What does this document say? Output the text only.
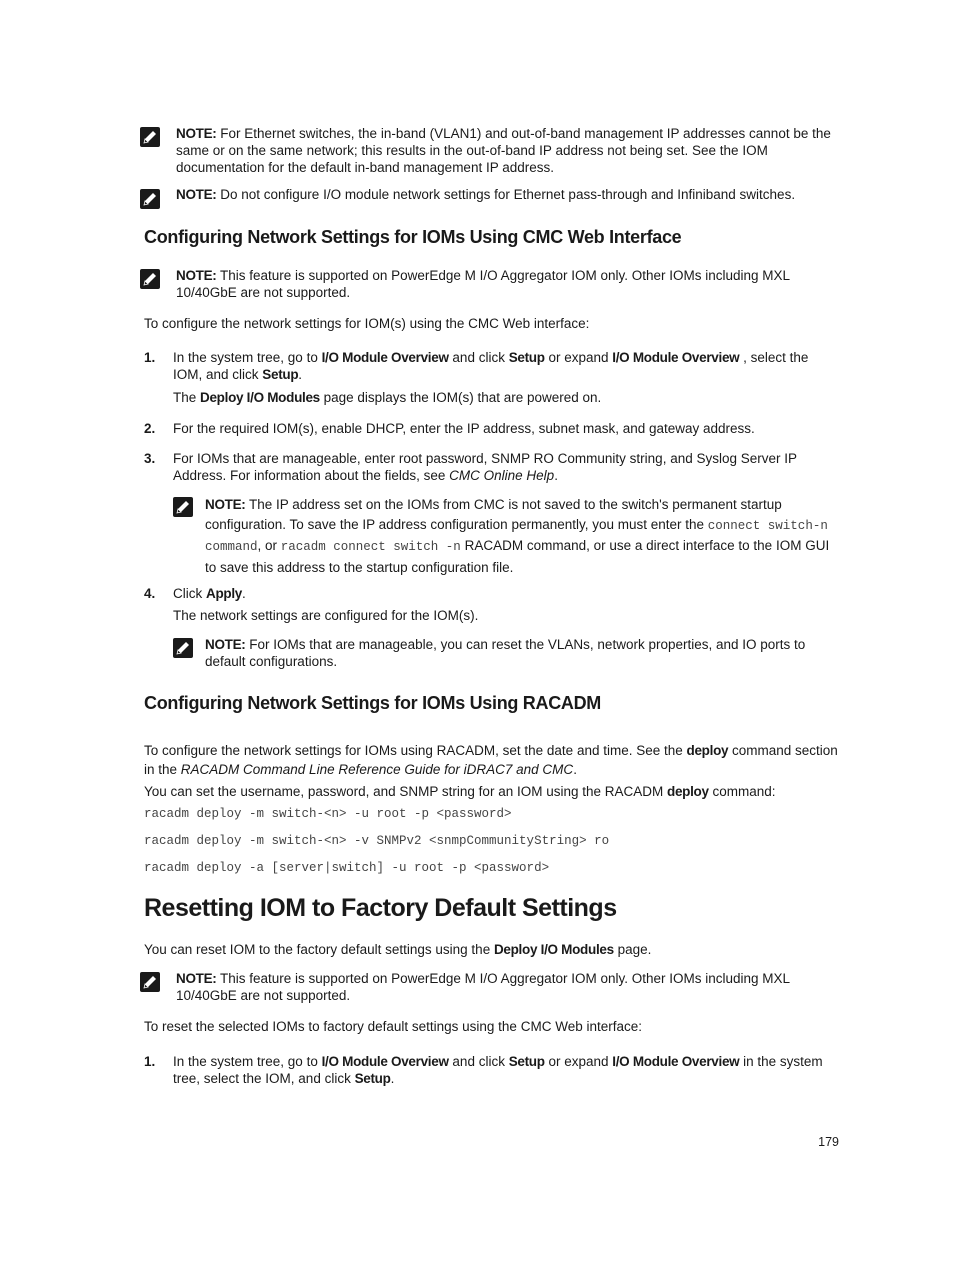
NOTE: For Ethernet switches, the in-band (VLAN1) and out-of-band management IP addresses cannot be the same or on the same network; this results in the out-of-band IP address not being set. See the IOM documentation for the default in-band management IP address.
NOTE: Do not configure I/O module network settings for Ethernet pass-through and Infiniband switches.
Configuring Network Settings for IOMs Using CMC Web Interface
NOTE: This feature is supported on PowerEdge M I/O Aggregator IOM only. Other IOMs including MXL 10/40GbE are not supported.
To configure the network settings for IOM(s) using the CMC Web interface:
1. In the system tree, go to I/O Module Overview and click Setup or expand I/O Module Overview , select the IOM, and click Setup.
The Deploy I/O Modules page displays the IOM(s) that are powered on.
2. For the required IOM(s), enable DHCP, enter the IP address, subnet mask, and gateway address.
3. For IOMs that are manageable, enter root password, SNMP RO Community string, and Syslog Server IP Address. For information about the fields, see CMC Online Help.
NOTE: The IP address set on the IOMs from CMC is not saved to the switch's permanent startup configuration. To save the IP address configuration permanently, you must enter the connect switch-n command, or racadm connect switch -n RACADM command, or use a direct interface to the IOM GUI to save this address to the startup configuration file.
4. Click Apply.
The network settings are configured for the IOM(s).
NOTE: For IOMs that are manageable, you can reset the VLANs, network properties, and IO ports to default configurations.
Configuring Network Settings for IOMs Using RACADM
To configure the network settings for IOMs using RACADM, set the date and time. See the deploy command section in the RACADM Command Line Reference Guide for iDRAC7 and CMC.
You can set the username, password, and SNMP string for an IOM using the RACADM deploy command:
racadm deploy -m switch-<n> -u root -p <password>
racadm deploy -m switch-<n> -v SNMPv2 <snmpCommunityString> ro
racadm deploy -a [server|switch] -u root -p <password>
Resetting IOM to Factory Default Settings
You can reset IOM to the factory default settings using the Deploy I/O Modules page.
NOTE: This feature is supported on PowerEdge M I/O Aggregator IOM only. Other IOMs including MXL 10/40GbE are not supported.
To reset the selected IOMs to factory default settings using the CMC Web interface:
1. In the system tree, go to I/O Module Overview and click Setup or expand I/O Module Overview in the system tree, select the IOM, and click Setup.
179
